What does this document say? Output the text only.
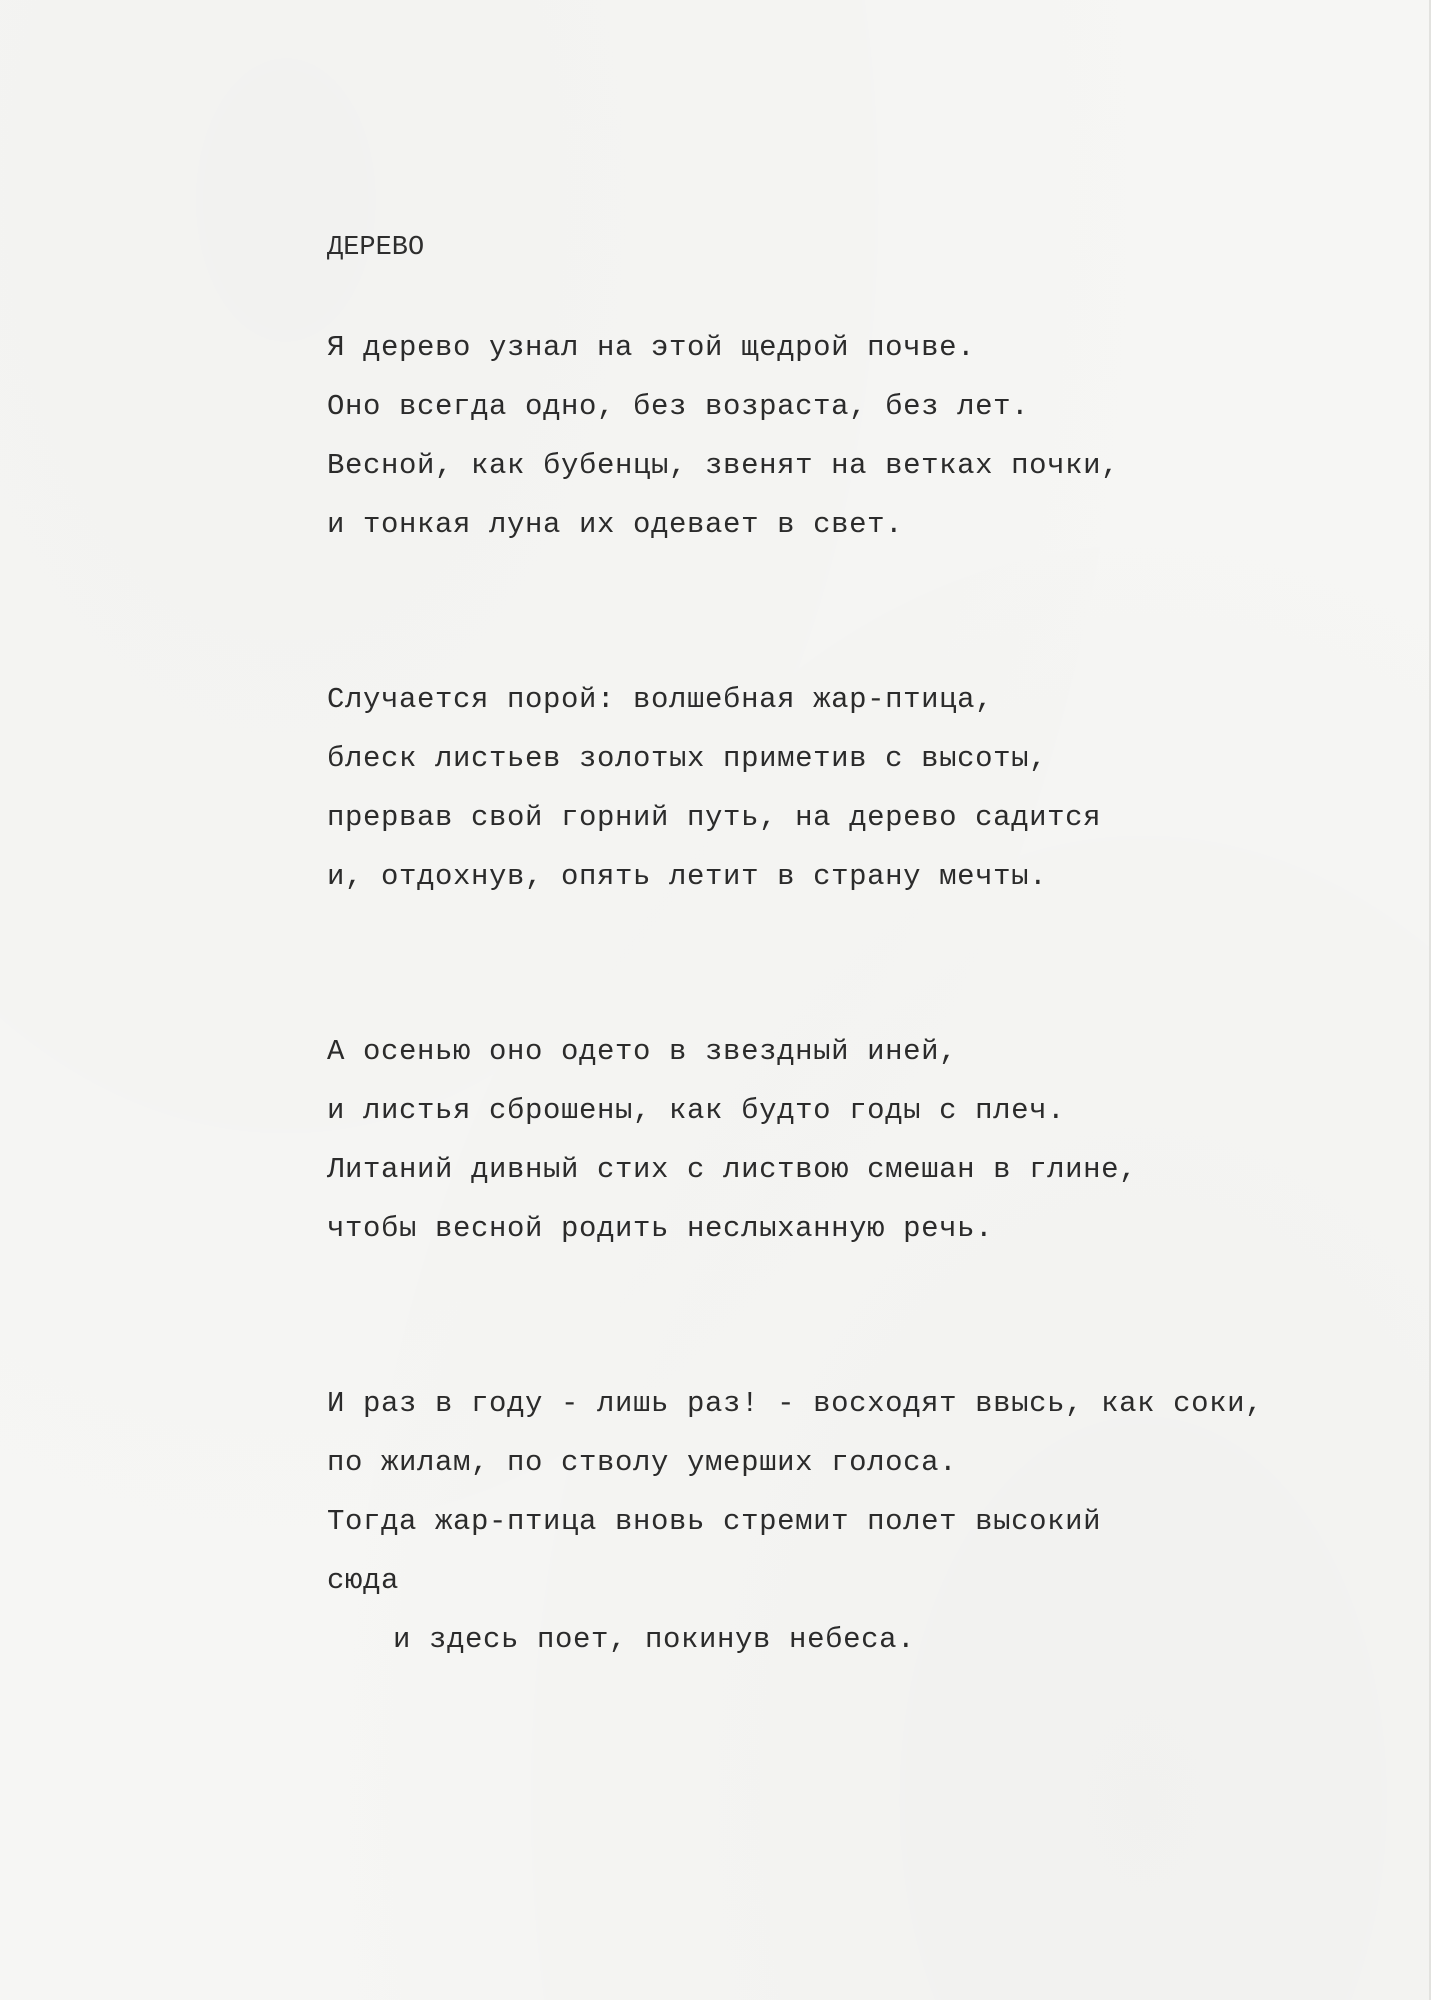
ДЕРЕВО
Я дерево узнал на этой щедрой почве.
Оно всегда одно, без возраста, без лет.
Весной, как бубенцы, звенят на ветках почки,
и тонкая луна их одевает в свет.
Случается порой: волшебная жар-птица,
блеск листьев золотых приметив с высоты,
прервав свой горний путь, на дерево садится
и, отдохнув, опять летит в страну мечты.
А осенью оно одето в звездный иней,
и листья сброшены, как будто годы с плеч.
Литаний дивный стих с листвою смешан в глине,
чтобы весной родить неслыханную речь.
И раз в году - лишь раз! - восходят ввысь, как соки,
по жилам, по стволу умерших голоса.
Тогда жар-птица вновь стремит полет высокий
сюда
и здесь поет, покинув небеса.
